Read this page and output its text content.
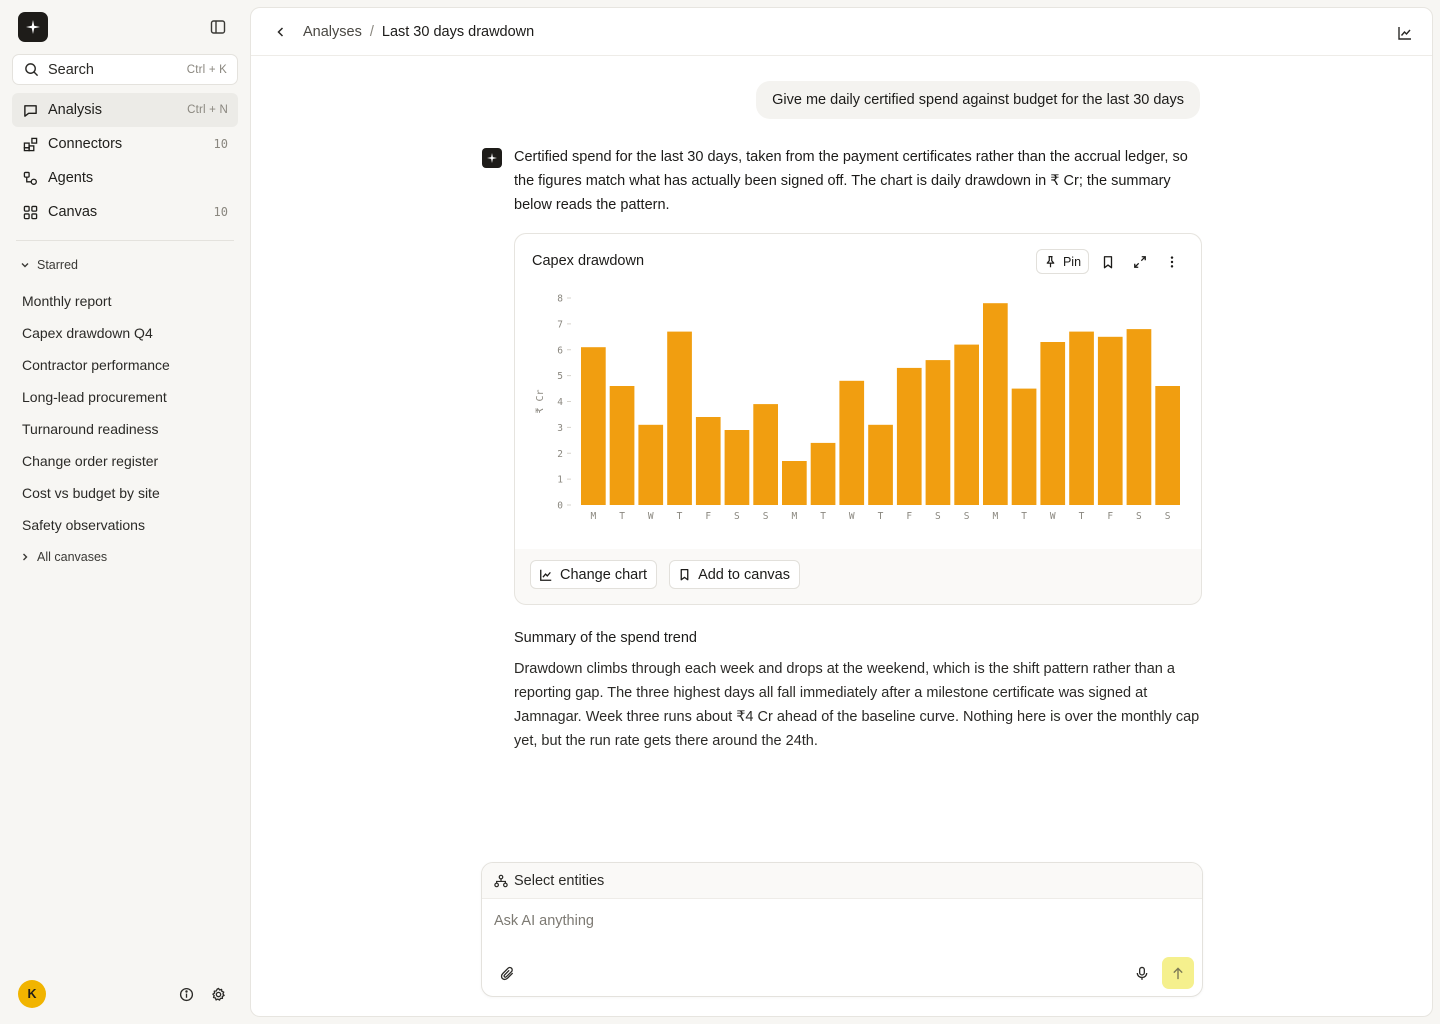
Search	Ctrl + K
Analysis	Ctrl + N
Connectors	10
Agents
Canvas	10
Starred
Monthly report
Capex drawdown Q4
Contractor performance
Long-lead procurement
Turnaround readiness
Change order register
Cost vs budget by site
Safety observations
All canvases
K
Analyses / Last 30 days drawdown
Give me daily certified spend against budget for the last 30 days
Certified spend for the last 30 days, taken from the payment certificates rather than the accrual ledger, so the figures match what has actually been signed off. The chart is daily drawdown in ₹ Cr; the summary below reads the pattern.
Capex drawdown	Pin
₹ Cr
0
1
2
3
4
5
6
7
8
M T W T F S S M T W T F S S M T W T F S S
Change chart	Add to canvas
Summary of the spend trend
Drawdown climbs through each week and drops at the weekend, which is the shift pattern rather than a reporting gap. The three highest days all fall immediately after a milestone certificate was signed at Jamnagar. Week three runs about ₹4 Cr ahead of the baseline curve. Nothing here is over the monthly cap yet, but the run rate gets there around the 24th.
Select entities
Ask AI anything
